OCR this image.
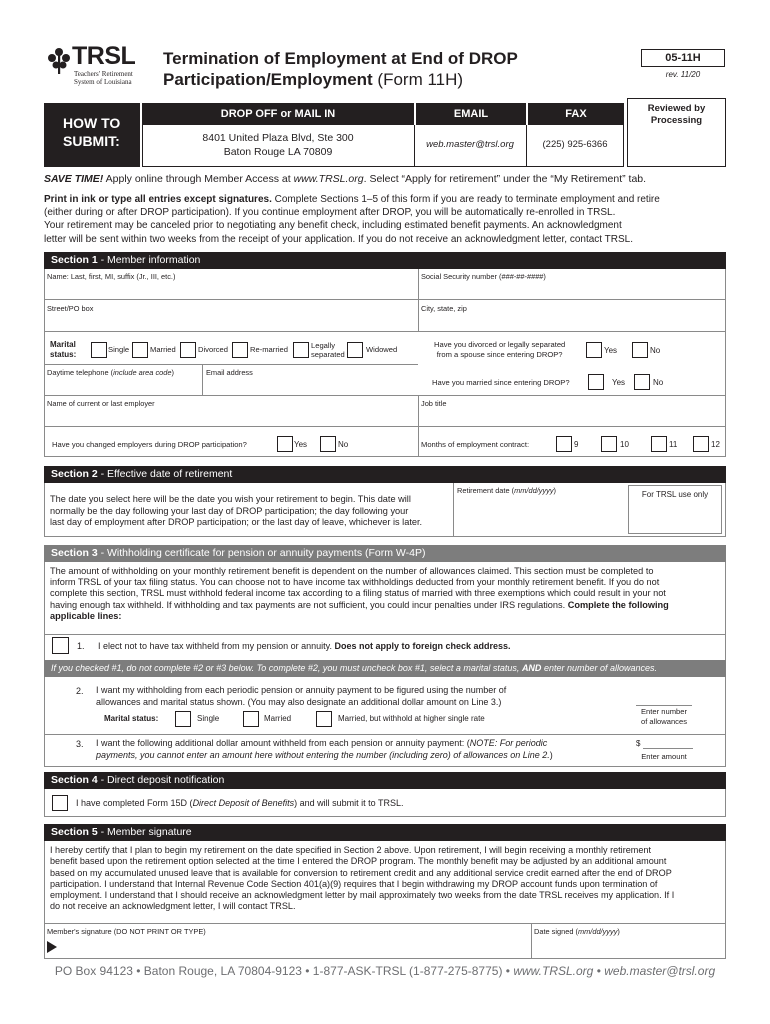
TRSL
Teachers' Retirement
System of Louisiana
Termination of Employment at End of DROP
Participation/Employment (Form 11H)
05-11H
rev. 11/20
HOW TO
SUBMIT:
DROP OFF or MAIL IN	EMAIL	FAX
8401 United Plaza Blvd, Ste 300
Baton Rouge LA 70809
web.master@trsl.org	(225) 925-6366
Reviewed by
Processing
SAVE TIME! Apply online through Member Access at www.TRSL.org. Select “Apply for retirement” under the “My Retirement” tab.
Print in ink or type all entries except signatures. Complete Sections 1–5 of this form if you are ready to terminate employment and retire
(either during or after DROP participation). If you continue employment after DROP, you will be automatically re-enrolled in TRSL.
Your retirement may be canceled prior to negotiating any benefit check, including estimated benefit payments. An acknowledgment
letter will be sent within two weeks from the receipt of your application. If you do not receive an acknowledgment letter, contact TRSL.
Section 1 - Member information
Name: Last, first, MI, suffix (Jr., III, etc.)	Social Security number (###-##-####)
Street/PO box	City, state, zip
Marital
status:
Single	Married	Divorced	Re-married	Legally
separated
Widowed
Have you divorced or legally separated
from a spouse since entering DROP?	Yes	No
Daytime telephone (include area code)	Email address
Have you married since entering DROP?	Yes	No
Name of current or last employer	Job title
Have you changed employers during DROP participation?	Yes	No	Months of employment contract:	9	10	11	12
Section 2 - Effective date of retirement
The date you select here will be the date you wish your retirement to begin. This date will
normally be the day following your last day of DROP participation; the day following your
last day of employment after DROP participation; or the last day of leave, whichever is later.
Retirement date (mm/dd/yyyy)	For TRSL use only
Section 3 - Withholding certificate for pension or annuity payments (Form W-4P)
The amount of withholding on your monthly retirement benefit is dependent on the number of allowances claimed. This section must be completed to
inform TRSL of your tax filing status. You can choose not to have income tax withholdings deducted from your monthly retirement benefit. If you do not
complete this section, TRSL must withhold federal income tax according to a filing status of married with three exemptions which could result in your not
having enough tax withheld. If withholding and tax payments are not sufficient, you could incur penalties under IRS regulations. Complete the following
applicable lines:
1. I elect not to have tax withheld from my pension or annuity. Does not apply to foreign check address.
If you checked #1, do not complete #2 or #3 below. To complete #2, you must uncheck box #1, select a marital status, AND enter number of allowances.
2. I want my withholding from each periodic pension or annuity payment to be figured using the number of
allowances and marital status shown. (You may also designate an additional dollar amount on Line 3.)
Marital status:	Single	Married	Married, but withhold at higher single rate
Enter number
of allowances
3. I want the following additional dollar amount withheld from each pension or annuity payment: (NOTE: For periodic
payments, you cannot enter an amount here without entering the number (including zero) of allowances on Line 2.)
$
Enter amount
Section 4 - Direct deposit notification
I have completed Form 15D (Direct Deposit of Benefits) and will submit it to TRSL.
Section 5 - Member signature
I hereby certify that I plan to begin my retirement on the date specified in Section 2 above. Upon retirement, I will begin receiving a monthly retirement
benefit based upon the retirement option selected at the time I entered the DROP program. The monthly benefit may be adjusted by an additional amount
based on my accumulated unused leave that is available for conversion to retirement credit and any additional service credit earned after the end of DROP
participation. I understand that Internal Revenue Code Section 401(a)(9) requires that I begin withdrawing my DROP account funds upon termination of
employment. I understand that I should receive an acknowledgment letter by mail approximately two weeks from the date TRSL receives my application. If I
do not receive an acknowledgment letter, I will contact TRSL.
Member's signature (DO NOT PRINT OR TYPE)	Date signed (mm/dd/yyyy)
PO Box 94123 • Baton Rouge, LA 70804-9123 • 1-877-ASK-TRSL (1-877-275-8775) • www.TRSL.org • web.master@trsl.org
